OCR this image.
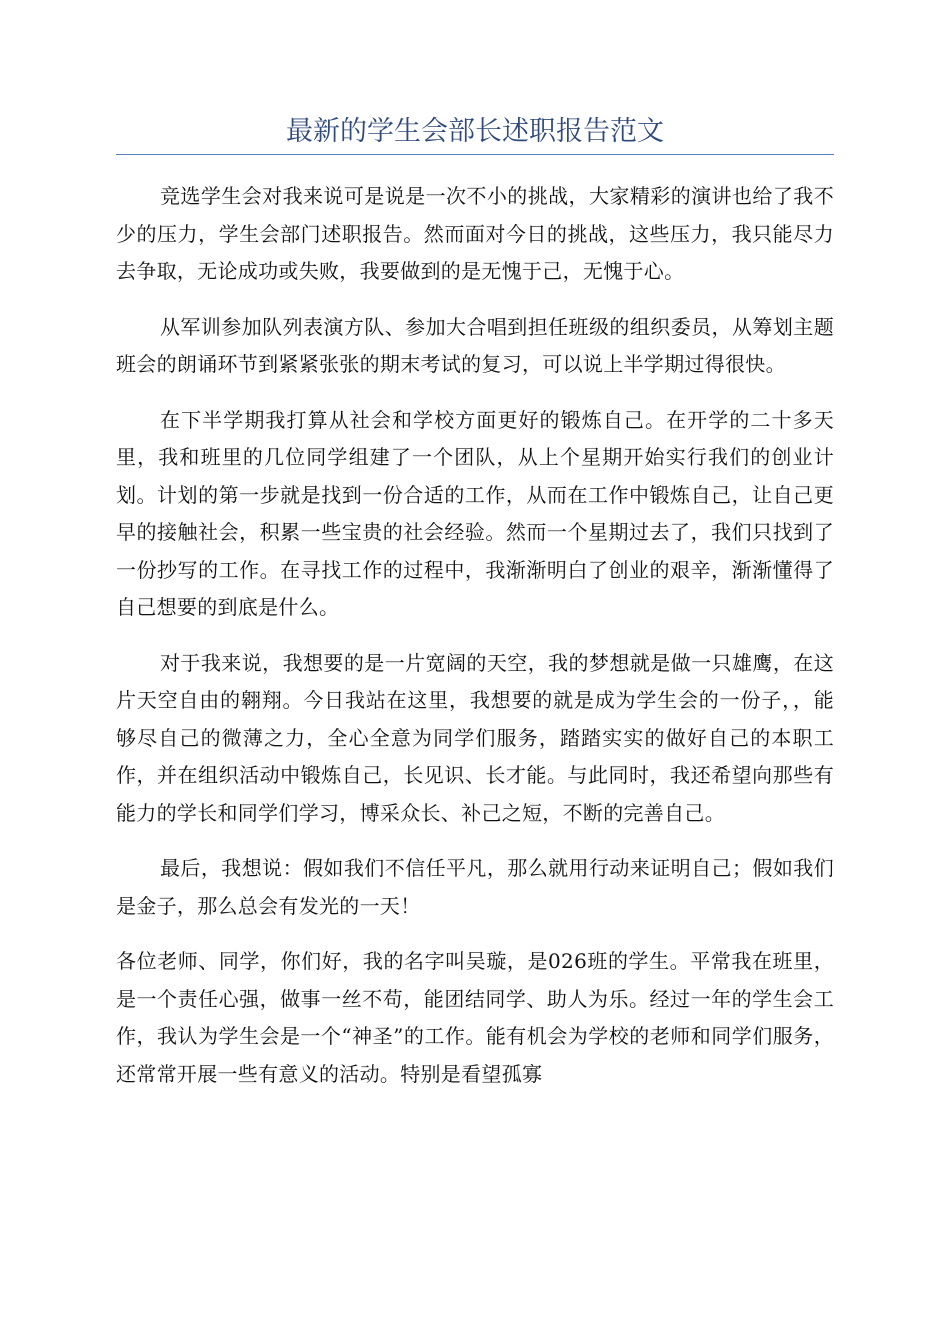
最新的学生会部长述职报告范文

竞选学生会对我来说可是说是一次不小的挑战，大家精彩的演讲也给了我不少的压力，学生会部门述职报告。然而面对今日的挑战，这些压力，我只能尽力去争取，无论成功或失败，我要做到的是无愧于己，无愧于心。

从军训参加队列表演方队、参加大合唱到担任班级的组织委员，从筹划主题班会的朗诵环节到紧紧张张的期末考试的复习，可以说上半学期过得很快。

在下半学期我打算从社会和学校方面更好的锻炼自己。在开学的二十多天里，我和班里的几位同学组建了一个团队，从上个星期开始实行我们的创业计划。计划的第一步就是找到一份合适的工作，从而在工作中锻炼自己，让自己更早的接触社会，积累一些宝贵的社会经验。然而一个星期过去了，我们只找到了一份抄写的工作。在寻找工作的过程中，我渐渐明白了创业的艰辛，渐渐懂得了自己想要的到底是什么。

对于我来说，我想要的是一片宽阔的天空，我的梦想就是做一只雄鹰，在这片天空自由的翱翔。今日我站在这里，我想要的就是成为学生会的一份子，，能够尽自己的微薄之力，全心全意为同学们服务，踏踏实实的做好自己的本职工作，并在组织活动中锻炼自己，长见识、长才能。与此同时，我还希望向那些有能力的学长和同学们学习，博采众长、补己之短，不断的完善自己。

最后，我想说：假如我们不信任平凡，那么就用行动来证明自己；假如我们是金子，那么总会有发光的一天！

各位老师、同学，你们好，我的名字叫吴璇，是026班的学生。平常我在班里，是一个责任心强，做事一丝不苟，能团结同学、助人为乐。经过一年的学生会工作，我认为学生会是一个“神圣”的工作。能有机会为学校的老师和同学们服务，还常常开展一些有意义的活动。特别是看望孤寡
